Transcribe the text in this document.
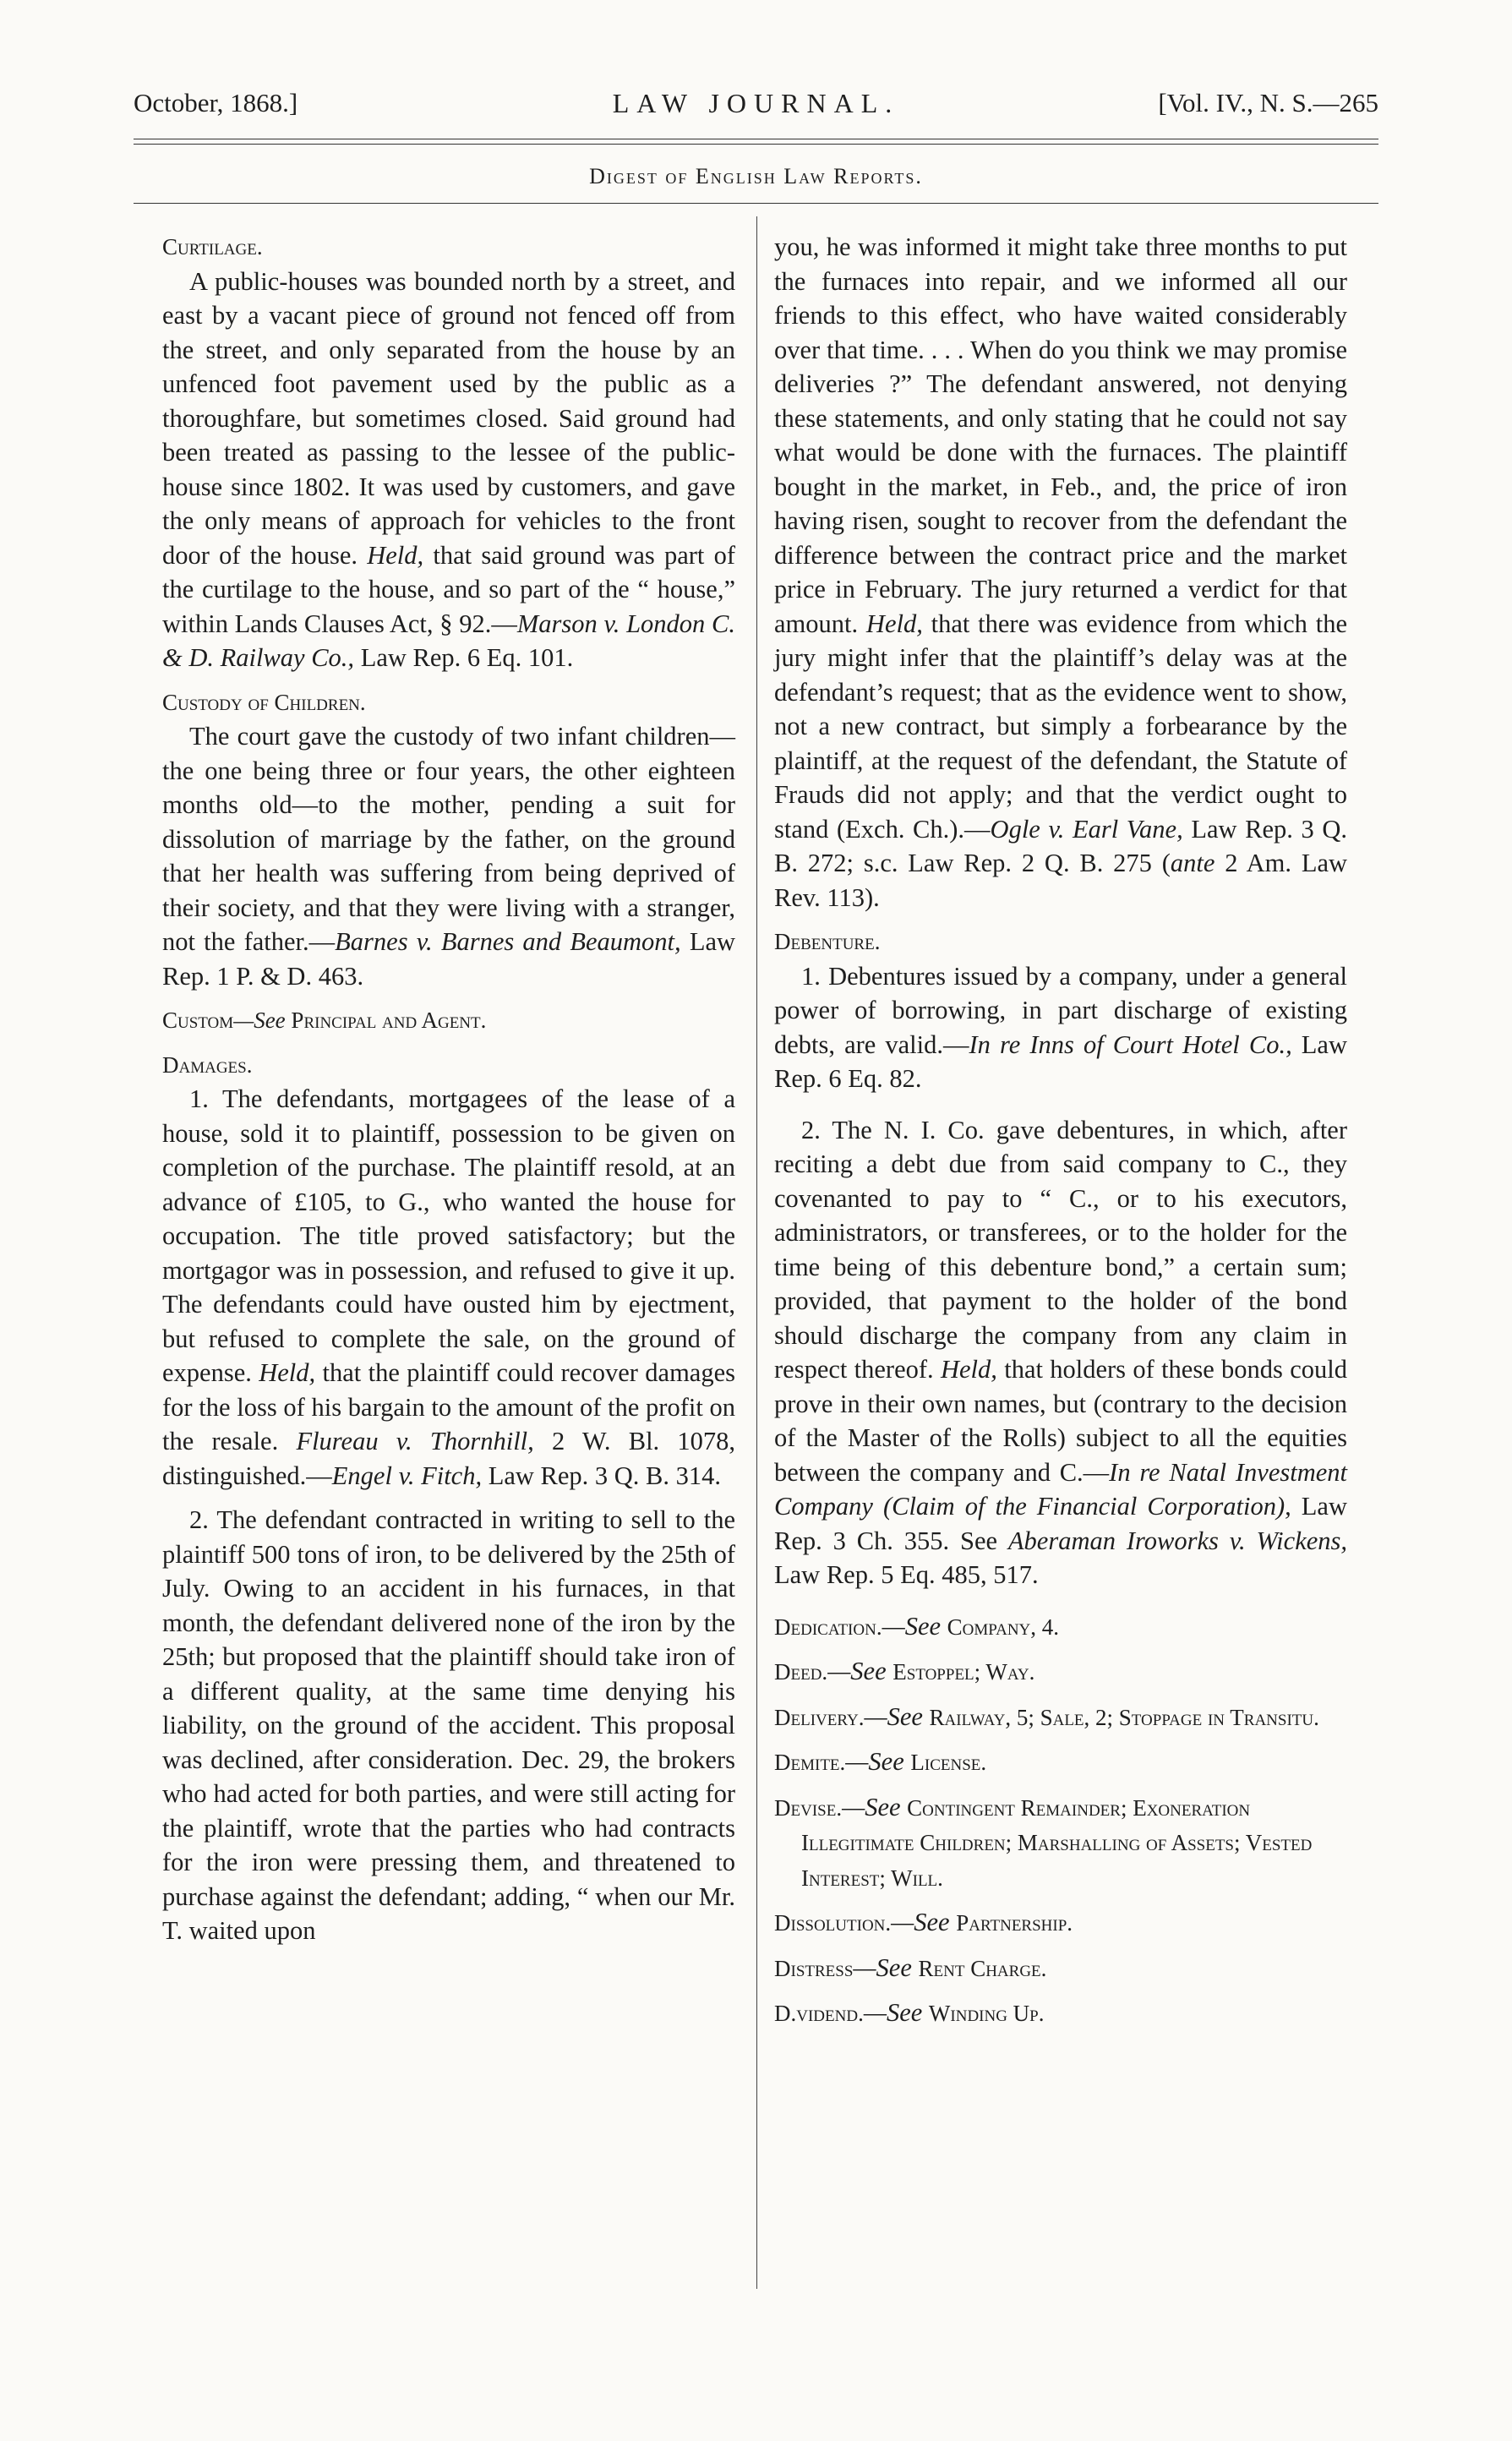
October, 1868.]	LAW JOURNAL.	[Vol. IV., N. S.—265
Digest of English Law Reports.

Curtilage.

A public-houses was bounded north by a street, and east by a vacant piece of ground not fenced off from the street, and only separated from the house by an unfenced foot pavement used by the public as a thoroughfare, but sometimes closed. Said ground had been treated as passing to the lessee of the public-house since 1802. It was used by customers, and gave the only means of approach for vehicles to the front door of the house. Held, that said ground was part of the curtilage to the house, and so part of the “ house,” within Lands Clauses Act, § 92.—Marson v. London C. & D. Railway Co., Law Rep. 6 Eq. 101.

Custody of Children.

The court gave the custody of two infant children—the one being three or four years, the other eighteen months old—to the mother, pending a suit for dissolution of marriage by the father, on the ground that her health was suffering from being deprived of their society, and that they were living with a stranger, not the father.—Barnes v. Barnes and Beaumont, Law Rep. 1 P. & D. 463.

Custom—See Principal and Agent.

Damages.

1. The defendants, mortgagees of the lease of a house, sold it to plaintiff, possession to be given on completion of the purchase. The plaintiff resold, at an advance of £105, to G., who wanted the house for occupation. The title proved satisfactory; but the mortgagor was in possession, and refused to give it up. The defendants could have ousted him by ejectment, but refused to complete the sale, on the ground of expense. Held, that the plaintiff could recover damages for the loss of his bargain to the amount of the profit on the resale. Flureau v. Thornhill, 2 W. Bl. 1078, distinguished.—Engel v. Fitch, Law Rep. 3 Q. B. 314.

2. The defendant contracted in writing to sell to the plaintiff 500 tons of iron, to be delivered by the 25th of July. Owing to an accident in his furnaces, in that month, the defendant delivered none of the iron by the 25th; but proposed that the plaintiff should take iron of a different quality, at the same time denying his liability, on the ground of the accident. This proposal was declined, after consideration. Dec. 29, the brokers who had acted for both parties, and were still acting for the plaintiff, wrote that the parties who had contracts for the iron were pressing them, and threatened to purchase against the defendant; adding, “ when our Mr. T. waited upon

you, he was informed it might take three months to put the furnaces into repair, and we informed all our friends to this effect, who have waited considerably over that time. . . . When do you think we may promise deliveries ?” The defendant answered, not denying these statements, and only stating that he could not say what would be done with the furnaces. The plaintiff bought in the market, in Feb., and, the price of iron having risen, sought to recover from the defendant the difference between the contract price and the market price in February. The jury returned a verdict for that amount. Held, that there was evidence from which the jury might infer that the plaintiff’s delay was at the defendant’s request; that as the evidence went to show, not a new contract, but simply a forbearance by the plaintiff, at the request of the defendant, the Statute of Frauds did not apply; and that the verdict ought to stand (Exch. Ch.).—Ogle v. Earl Vane, Law Rep. 3 Q. B. 272; s.c. Law Rep. 2 Q. B. 275 (ante 2 Am. Law Rev. 113).

Debenture.

1. Debentures issued by a company, under a general power of borrowing, in part discharge of existing debts, are valid.—In re Inns of Court Hotel Co., Law Rep. 6 Eq. 82.

2. The N. I. Co. gave debentures, in which, after reciting a debt due from said company to C., they covenanted to pay to “ C., or to his executors, administrators, or transferees, or to the holder for the time being of this debenture bond,” a certain sum; provided, that payment to the holder of the bond should discharge the company from any claim in respect thereof. Held, that holders of these bonds could prove in their own names, but (contrary to the decision of the Master of the Rolls) subject to all the equities between the company and C.—In re Natal Investment Company (Claim of the Financial Corporation), Law Rep. 3 Ch. 355. See Aberaman Iroworks v. Wickens, Law Rep. 5 Eq. 485, 517.

Dedication.—See Company, 4.

Deed.—See Estoppel; Way.

Delivery.—See Railway, 5; Sale, 2; Stoppage in Transitu.

Demite.—See License.

Devise.—See Contingent Remainder; Exoneration Illegitimate Children; Marshalling of Assets; Vested Interest; Will.

Dissolution.—See Partnership.

Distress—See Rent Charge.

D.vidend.—See Winding Up.
